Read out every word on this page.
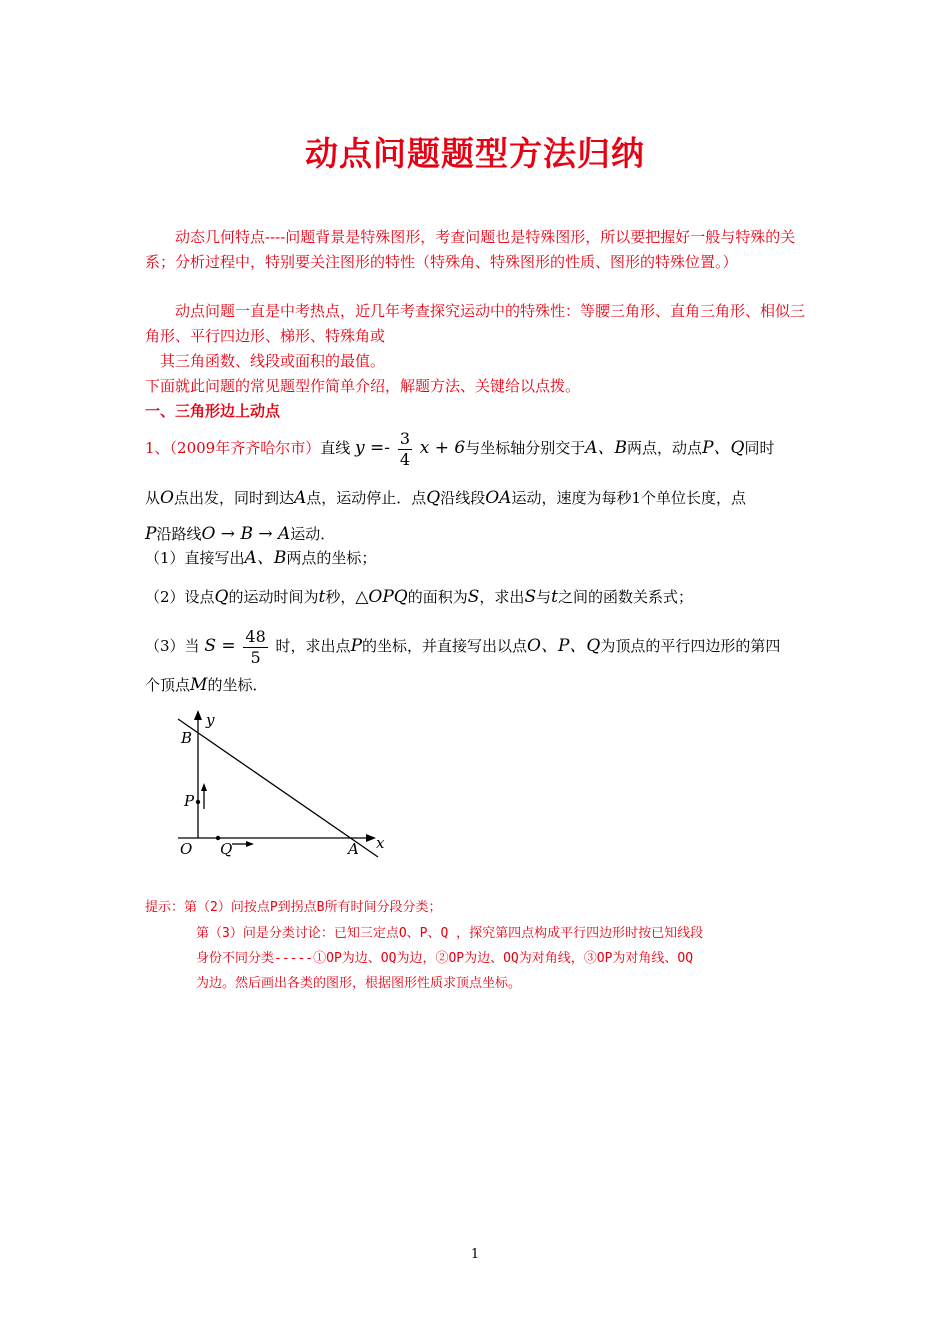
动点问题题型方法归纳

动态几何特点----问题背景是特殊图形，考查问题也是特殊图形，所以要把握好一般与特殊的关系；分析过程中，特别要关注图形的特性（特殊角、特殊图形的性质、图形的特殊位置。）

动点问题一直是中考热点，近几年考查探究运动中的特殊性：等腰三角形、直角三角形、相似三角形、平行四边形、梯形、特殊角或

其三角函数、线段或面积的最值。

下面就此问题的常见题型作简单介绍，解题方法、关键给以点拨。

一、三角形边上动点

1、（2009年齐齐哈尔市）直线 $y =- \frac{3}{4}$ x + 6与坐标轴分别交于A、B两点，动点P、Q同时

从O点出发，同时到达A点，运动停止．点Q沿线段OA运动，速度为每秒1个单位长度，点

P沿路线O → B → A运动．

（1）直接写出A、B两点的坐标；

（2）设点Q的运动时间为t秒，△OPQ的面积为S，求出S与t之间的函数关系式；

（3）当 $S = \frac{48}{5}$ 时，求出点P的坐标，并直接写出以点O、P、Q为顶点的平行四边形的第四

个顶点M的坐标．

y
B
P
O Q	A x

提示：第（2）问按点P到拐点B所有时间分段分类；

第（3）问是分类讨论：已知三定点O、P、Q ，探究第四点构成平行四边形时按已知线段

身份不同分类-----①OP为边、OQ为边，②OP为边、OQ为对角线，③OP为对角线、OQ

为边。然后画出各类的图形，根据图形性质求顶点坐标。

1
